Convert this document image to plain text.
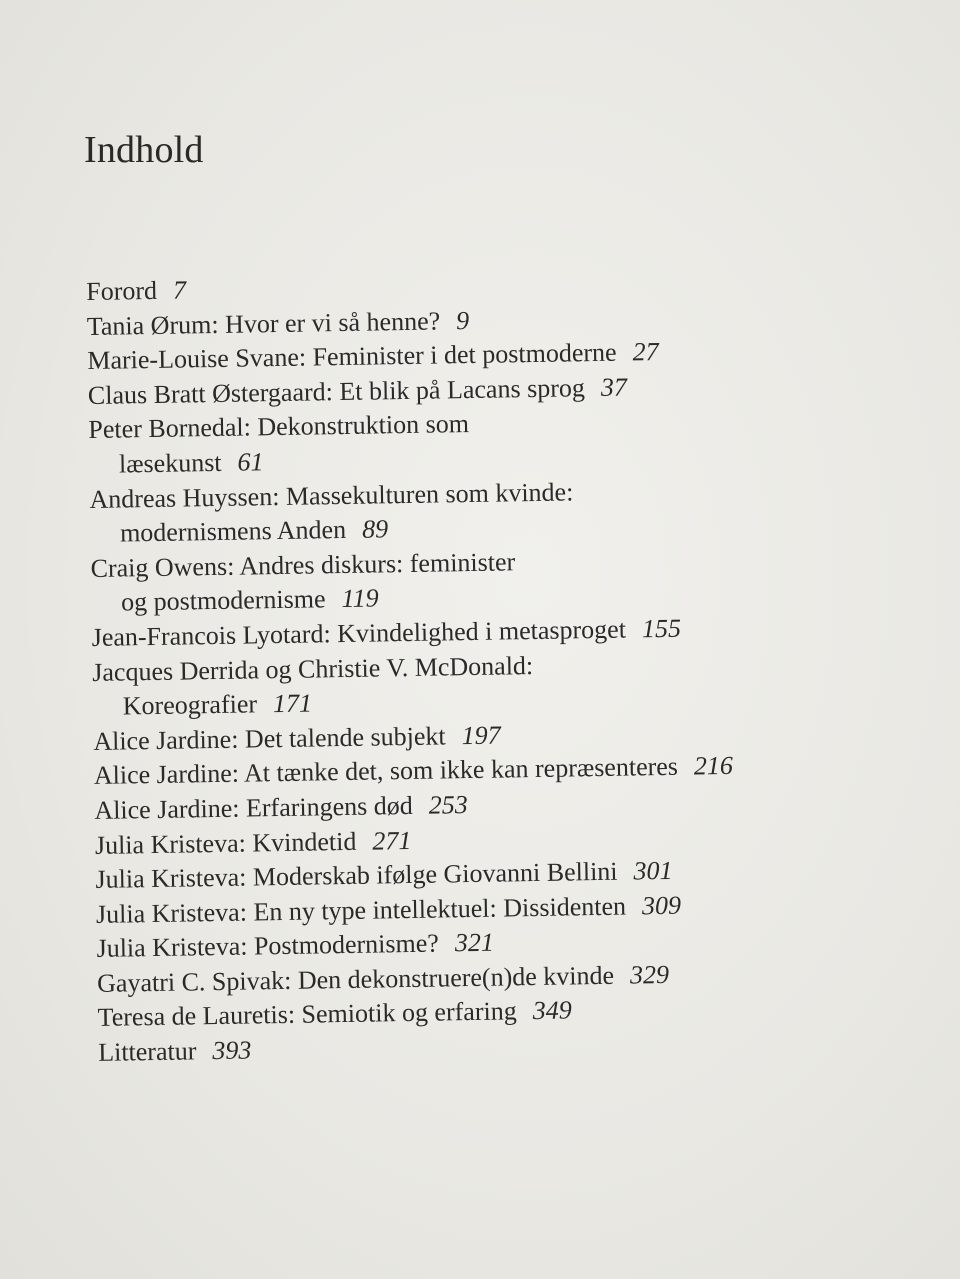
Indhold
Forord 7
Tania Ørum: Hvor er vi så henne? 9
Marie-Louise Svane: Feminister i det postmoderne 27
Claus Bratt Østergaard: Et blik på Lacans sprog 37
Peter Bornedal: Dekonstruktion som
læsekunst 61
Andreas Huyssen: Massekulturen som kvinde:
modernismens Anden 89
Craig Owens: Andres diskurs: feminister
og postmodernisme 119
Jean-Francois Lyotard: Kvindelighed i metasproget 155
Jacques Derrida og Christie V. McDonald:
Koreografier 171
Alice Jardine: Det talende subjekt 197
Alice Jardine: At tænke det, som ikke kan repræsenteres 216
Alice Jardine: Erfaringens død 253
Julia Kristeva: Kvindetid 271
Julia Kristeva: Moderskab ifølge Giovanni Bellini 301
Julia Kristeva: En ny type intellektuel: Dissidenten 309
Julia Kristeva: Postmodernisme? 321
Gayatri C. Spivak: Den dekonstruere(n)de kvinde 329
Teresa de Lauretis: Semiotik og erfaring 349
Litteratur 393
